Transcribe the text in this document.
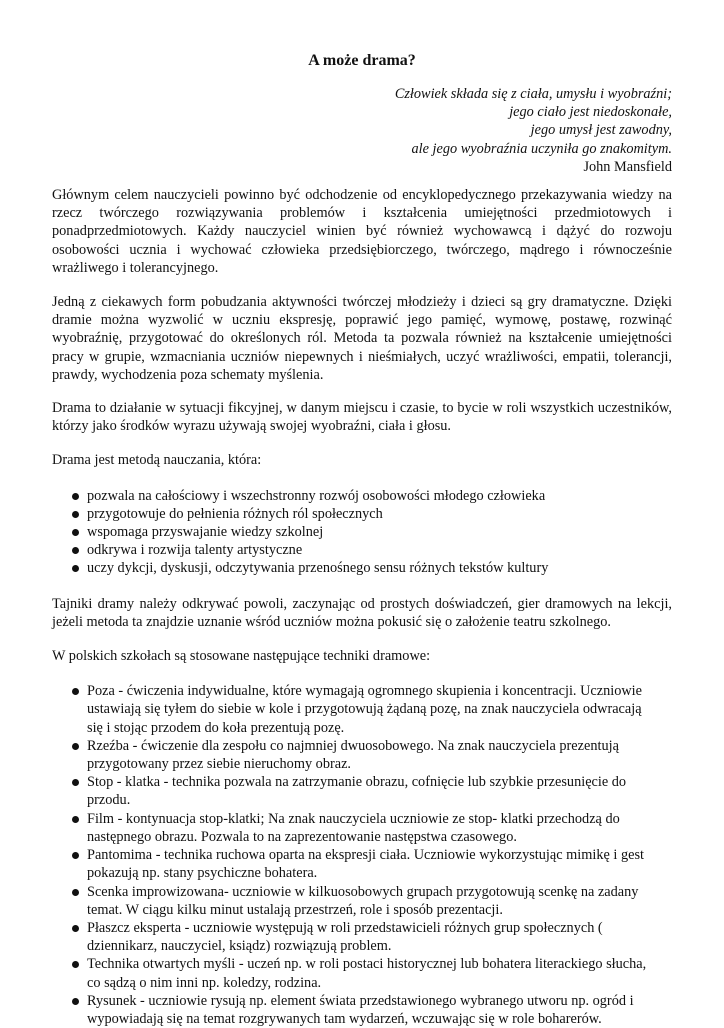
A może drama?
Człowiek składa się z ciała, umysłu i wyobraźni;
jego ciało jest niedoskonałe,
jego umysł jest zawodny,
ale jego wyobraźnia uczyniła go znakomitym.
John Mansfield

Głównym celem nauczycieli powinno być odchodzenie od encyklopedycznego przekazywania wiedzy na rzecz twórczego rozwiązywania problemów i kształcenia umiejętności przedmiotowych i ponadprzedmiotowych. Każdy nauczyciel winien być również wychowawcą i dążyć do rozwoju osobowości ucznia i wychować człowieka przedsiębiorczego, twórczego, mądrego i równocześnie wrażliwego i tolerancyjnego.

Jedną z ciekawych form pobudzania aktywności twórczej młodzieży i dzieci są gry dramatyczne. Dzięki dramie można wyzwolić w uczniu ekspresję, poprawić jego pamięć, wymowę, postawę, rozwinąć wyobraźnię, przygotować do określonych ról. Metoda ta pozwala również na kształcenie umiejętności pracy w grupie, wzmacniania uczniów niepewnych i nieśmiałych, uczyć wrażliwości, empatii, tolerancji, prawdy, wychodzenia poza schematy myślenia.

Drama to działanie w sytuacji fikcyjnej, w danym miejscu i czasie, to bycie w roli wszystkich uczestników, którzy jako środków wyrazu używają swojej wyobraźni, ciała i głosu.

Drama jest metodą nauczania, która:

pozwala na całościowy i wszechstronny rozwój osobowości młodego człowieka
przygotowuje do pełnienia różnych ról społecznych
wspomaga przyswajanie wiedzy szkolnej
odkrywa i rozwija talenty artystyczne
uczy dykcji, dyskusji, odczytywania przenośnego sensu różnych tekstów kultury

Tajniki dramy należy odkrywać powoli, zaczynając od prostych doświadczeń, gier dramowych na lekcji, jeżeli metoda ta znajdzie uznanie wśród uczniów można pokusić się o założenie teatru szkolnego.

W polskich szkołach są stosowane następujące techniki dramowe:

Poza - ćwiczenia indywidualne, które wymagają ogromnego skupienia i koncentracji. Uczniowie ustawiają się tyłem do siebie w kole i przygotowują żądaną pozę, na znak nauczyciela odwracają się i stojąc przodem do koła prezentują pozę.
Rzeźba - ćwiczenie dla zespołu co najmniej dwuosobowego. Na znak nauczyciela prezentują przygotowany przez siebie nieruchomy obraz.
Stop - klatka - technika pozwala na zatrzymanie obrazu, cofnięcie lub szybkie przesunięcie do przodu.
Film - kontynuacja stop-klatki; Na znak nauczyciela uczniowie ze stop- klatki przechodzą do następnego obrazu. Pozwala to na zaprezentowanie następstwa czasowego.
Pantomima - technika ruchowa oparta na ekspresji ciała. Uczniowie wykorzystując mimikę i gest pokazują np. stany psychiczne bohatera.
Scenka improwizowana- uczniowie w kilkuosobowych grupach przygotowują scenkę na zadany temat. W ciągu kilku minut ustalają przestrzeń, role i sposób prezentacji.
Płaszcz eksperta - uczniowie występują w roli przedstawicieli różnych grup społecznych ( dziennikarz, nauczyciel, ksiądz) rozwiązują problem.
Technika otwartych myśli - uczeń np. w roli postaci historycznej lub bohatera literackiego słucha, co sądzą o nim inni np. koledzy, rodzina.
Rysunek - uczniowie rysują np. element świata przedstawionego wybranego utworu np. ogród i wypowiadają się na temat rozgrywanych tam wydarzeń, wczuwając się w role boharerów.
